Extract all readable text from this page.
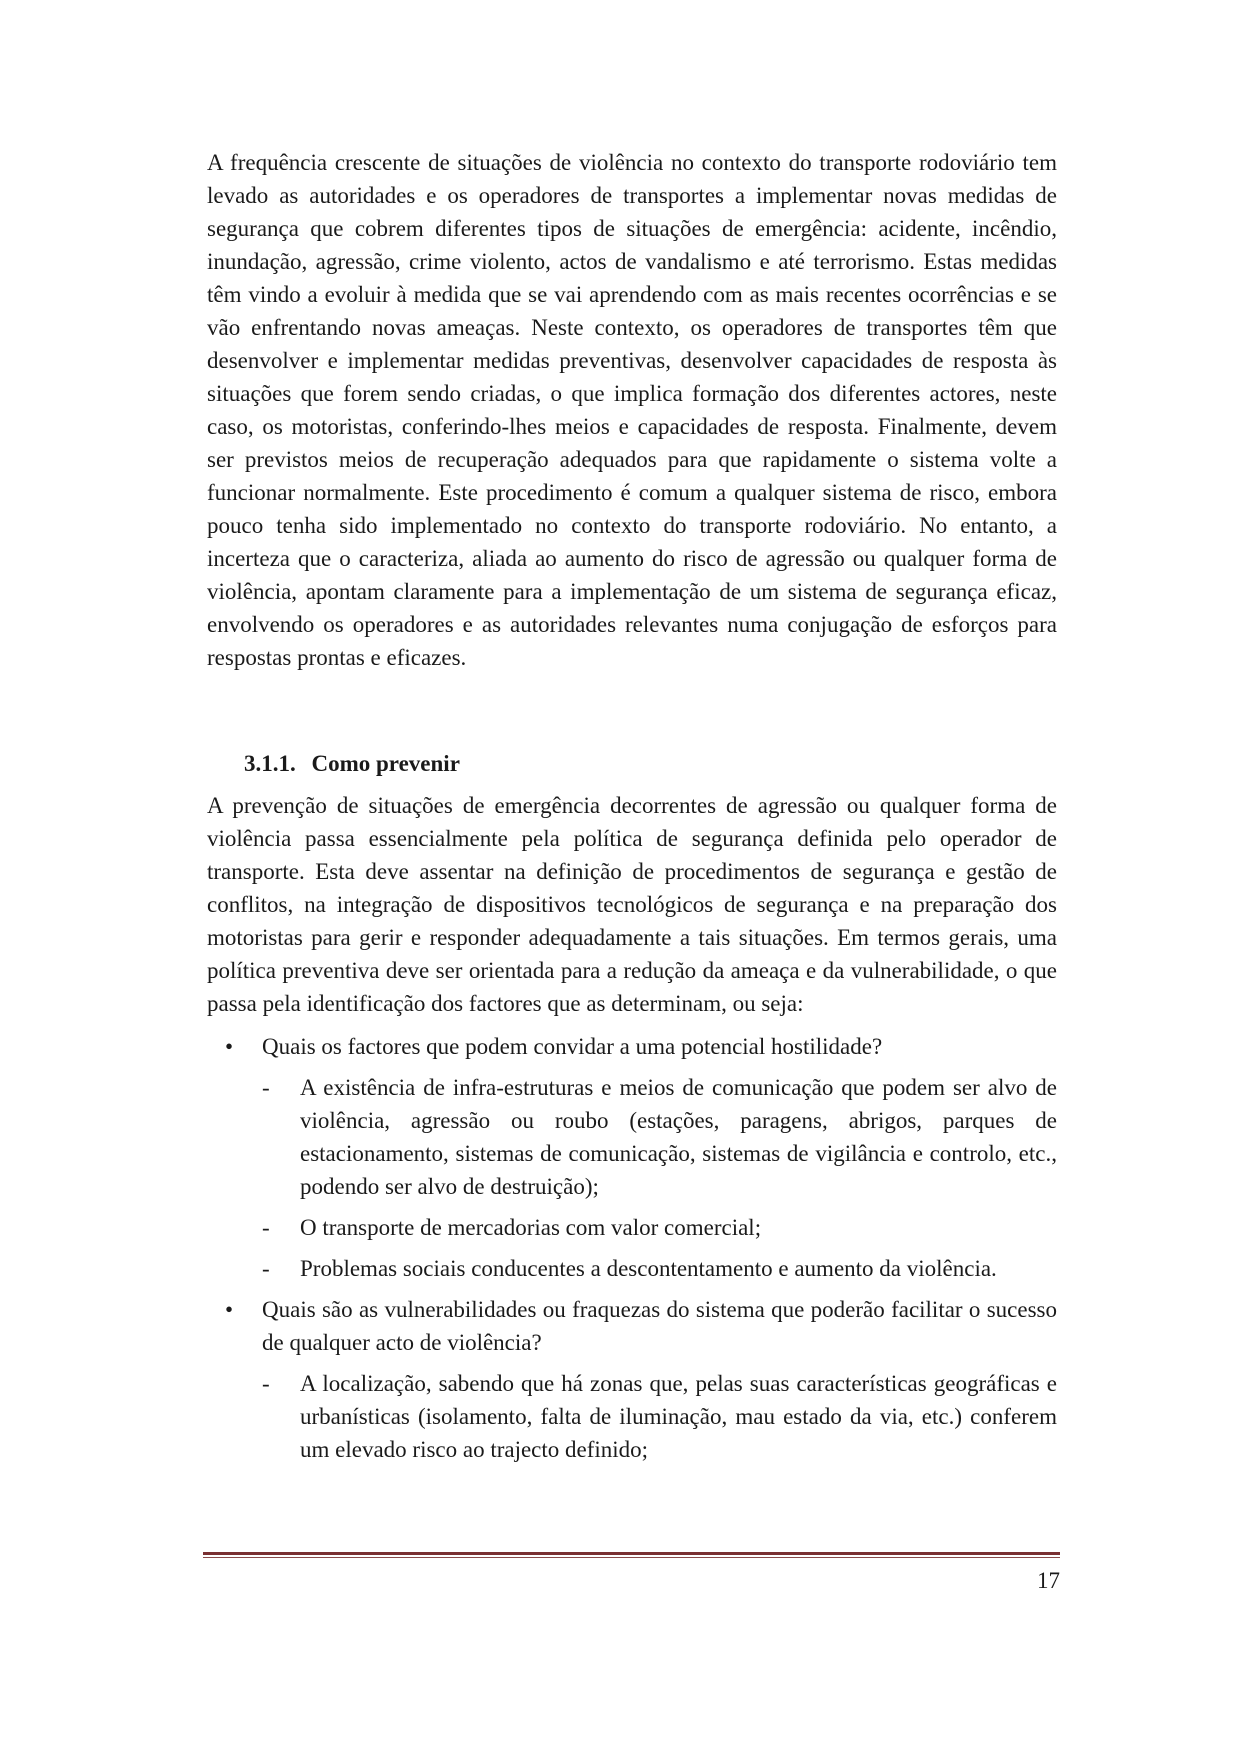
A frequência crescente de situações de violência no contexto do transporte rodoviário tem levado as autoridades e os operadores de transportes a implementar novas medidas de segurança que cobrem diferentes tipos de situações de emergência: acidente, incêndio, inundação, agressão, crime violento, actos de vandalismo e até terrorismo. Estas medidas têm vindo a evoluir à medida que se vai aprendendo com as mais recentes ocorrências e se vão enfrentando novas ameaças. Neste contexto, os operadores de transportes têm que desenvolver e implementar medidas preventivas, desenvolver capacidades de resposta às situações que forem sendo criadas, o que implica formação dos diferentes actores, neste caso, os motoristas, conferindo-lhes meios e capacidades de resposta. Finalmente, devem ser previstos meios de recuperação adequados para que rapidamente o sistema volte a funcionar normalmente. Este procedimento é comum a qualquer sistema de risco, embora pouco tenha sido implementado no contexto do transporte rodoviário. No entanto, a incerteza que o caracteriza, aliada ao aumento do risco de agressão ou qualquer forma de violência, apontam claramente para a implementação de um sistema de segurança eficaz, envolvendo os operadores e as autoridades relevantes numa conjugação de esforços para respostas prontas e eficazes.

3.1.1. Como prevenir

A prevenção de situações de emergência decorrentes de agressão ou qualquer forma de violência passa essencialmente pela política de segurança definida pelo operador de transporte. Esta deve assentar na definição de procedimentos de segurança e gestão de conflitos, na integração de dispositivos tecnológicos de segurança e na preparação dos motoristas para gerir e responder adequadamente a tais situações. Em termos gerais, uma política preventiva deve ser orientada para a redução da ameaça e da vulnerabilidade, o que passa pela identificação dos factores que as determinam, ou seja:

• Quais os factores que podem convidar a uma potencial hostilidade?
- A existência de infra-estruturas e meios de comunicação que podem ser alvo de violência, agressão ou roubo (estações, paragens, abrigos, parques de estacionamento, sistemas de comunicação, sistemas de vigilância e controlo, etc., podendo ser alvo de destruição);
- O transporte de mercadorias com valor comercial;
- Problemas sociais conducentes a descontentamento e aumento da violência.
• Quais são as vulnerabilidades ou fraquezas do sistema que poderão facilitar o sucesso de qualquer acto de violência?
- A localização, sabendo que há zonas que, pelas suas características geográficas e urbanísticas (isolamento, falta de iluminação, mau estado da via, etc.) conferem um elevado risco ao trajecto definido;
17
